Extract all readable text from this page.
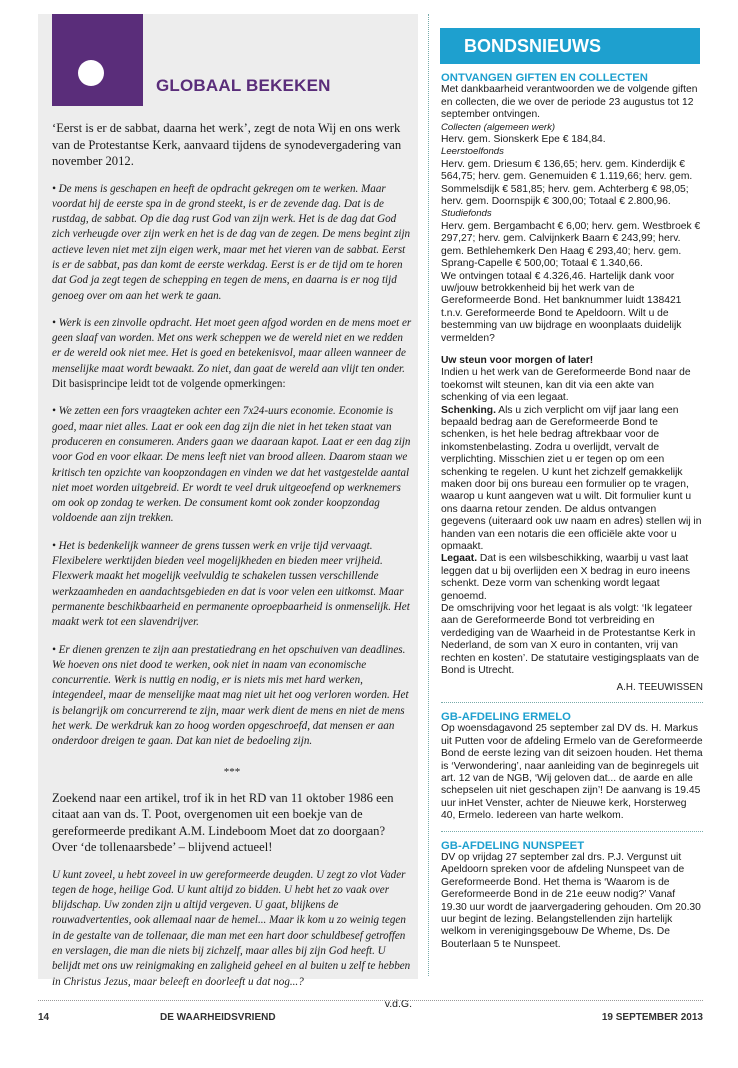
GLOBAAL BEKEKEN

‘Eerst is er de sabbat, daarna het werk’, zegt de nota Wij en ons werk van de Protestantse Kerk, aanvaard tijdens de synodevergadering van november 2012.

• De mens is geschapen en heeft de opdracht gekregen om te werken. Maar voordat hij de eerste spa in de grond steekt, is er de zevende dag. Dat is de rustdag, de sabbat. Op die dag rust God van zijn werk. Het is de dag dat God zich verheugde over zijn werk en het is de dag van de zegen. De mens begint zijn actieve leven niet met zijn eigen werk, maar met het vieren van de sabbat. Eerst is er de sabbat, pas dan komt de eerste werkdag. Eerst is er de tijd om te horen dat God ja zegt tegen de schepping en tegen de mens, en daarna is er nog tijd genoeg over om aan het werk te gaan.

• Werk is een zinvolle opdracht. Het moet geen afgod worden en de mens moet er geen slaaf van worden. Met ons werk scheppen we de wereld niet en we redden er de wereld ook niet mee. Het is goed en betekenisvol, maar alleen wanneer de menselijke maat wordt bewaakt. Zo niet, dan gaat de wereld aan vlijt ten onder.

Dit basisprincipe leidt tot de volgende opmerkingen:

• We zetten een fors vraagteken achter een 7x24-uurs economie. Economie is goed, maar niet alles. Laat er ook een dag zijn die niet in het teken staat van produceren en consumeren. Anders gaan we daaraan kapot. Laat er een dag zijn voor God en voor elkaar. De mens leeft niet van brood alleen. Daarom staan we kritisch ten opzichte van koopzondagen en vinden we dat het vastgestelde aantal niet moet worden uitgebreid. Er wordt te veel druk uitgeoefend op werknemers om ook op zondag te werken. De consument komt ook zonder koopzondag voldoende aan zijn trekken.

• Het is bedenkelijk wanneer de grens tussen werk en vrije tijd vervaagt. Flexibelere werktijden bieden veel mogelijkheden en bieden meer vrijheid. Flexwerk maakt het mogelijk veelvuldig te schakelen tussen verschillende werkzaamheden en aandachtsgebieden en dat is voor velen een uitkomst. Maar permanente beschikbaarheid en permanente oproepbaarheid is onmenselijk. Het maakt werk tot een slavendrijver.

• Er dienen grenzen te zijn aan prestatiedrang en het opschuiven van deadlines. We hoeven ons niet dood te werken, ook niet in naam van economische concurrentie. Werk is nuttig en nodig, er is niets mis met hard werken, integendeel, maar de menselijke maat mag niet uit het oog verloren worden. Het is belangrijk om concurrerend te zijn, maar werk dient de mens en niet de mens het werk. De werkdruk kan zo hoog worden opgeschroefd, dat mensen er aan onderdoor dreigen te gaan. Dat kan niet de bedoeling zijn.

***

Zoekend naar een artikel, trof ik in het RD van 11 oktober 1986 een citaat aan van ds. T. Poot, overgenomen uit een boekje van de gereformeerde predikant A.M. Lindeboom Moet dat zo doorgaan? Over ‘de tollenaarsbede’ – blijvend actueel!

U kunt zoveel, u hebt zoveel in uw gereformeerde deugden. U zegt zo vlot Vader tegen de hoge, heilige God. U kunt altijd zo bidden. U hebt het zo vaak over blijdschap. Uw zonden zijn u altijd vergeven. U gaat, blijkens de rouwadvertenties, ook allemaal naar de hemel... Maar ik kom u zo weinig tegen in de gestalte van de tollenaar, die man met een hart door schuldbesef getroffen en verslagen, die man die niets bij zichzelf, maar alles bij zijn God heeft. U belijdt met ons uw reinigmaking en zaligheid geheel en al buiten u zelf te hebben in Christus Jezus, maar beleeft en doorleeft u dat nog...?

v.d.G.
BONDSNIEUWS

ONTVANGEN GIFTEN EN COLLECTEN

Met dankbaarheid verantwoorden we de volgende giften en collecten, die we over de periode 23 augustus tot 12 september ontvingen.

Collecten (algemeen werk)

Herv. gem. Sionskerk Epe € 184,84.

Leerstoelfonds

Herv. gem. Driesum € 136,65; herv. gem. Kinderdijk € 564,75; herv. gem. Genemuiden € 1.119,66; herv. gem. Sommelsdijk € 581,85; herv. gem. Achterberg € 98,05; herv. gem. Doornspijk € 300,00; Totaal € 2.800,96.

Studiefonds

Herv. gem. Bergambacht € 6,00; herv. gem. Westbroek € 297,27; herv. gem. Calvijnkerk Baarn € 243,99; herv. gem. Bethlehemkerk Den Haag € 293,40; herv. gem. Sprang-Capelle € 500,00; Totaal € 1.340,66.

We ontvingen totaal € 4.326,46. Hartelijk dank voor uw/jouw betrokkenheid bij het werk van de Gereformeerde Bond. Het banknummer luidt 138421 t.n.v. Gereformeerde Bond te Apeldoorn. Wilt u de bestemming van uw bijdrage en woonplaats duidelijk vermelden?

Uw steun voor morgen of later!

Indien u het werk van de Gereformeerde Bond naar de toekomst wilt steunen, kan dit via een akte van schenking of via een legaat.

Schenking. Als u zich verplicht om vijf jaar lang een bepaald bedrag aan de Gereformeerde Bond te schenken, is het hele bedrag aftrekbaar voor de inkomstenbelasting. Zodra u overlijdt, vervalt de verplichting. Misschien ziet u er tegen op om een schenking te regelen. U kunt het zichzelf gemakkelijk maken door bij ons bureau een formulier op te vragen, waarop u kunt aangeven wat u wilt. Dit formulier kunt u ons daarna retour zenden. De aldus ontvangen gegevens (uiteraard ook uw naam en adres) stellen wij in handen van een notaris die een officiële akte voor u opmaakt.

Legaat. Dat is een wilsbeschikking, waarbij u vast laat leggen dat u bij overlijden een X bedrag in euro ineens schenkt. Deze vorm van schenking wordt legaat genoemd.

De omschrijving voor het legaat is als volgt: ‘Ik legateer aan de Gereformeerde Bond tot verbreiding en verdediging van de Waarheid in de Protestantse Kerk in Nederland, de som van X euro in contanten, vrij van rechten en kosten’. De statutaire vestigingsplaats van de Bond is Utrecht.

A.H. TEEUWISSEN

GB-AFDELING ERMELO

Op woensdagavond 25 september zal DV ds. H. Markus uit Putten voor de afdeling Ermelo van de Gereformeerde Bond de eerste lezing van dit seizoen houden. Het thema is ‘Verwondering’, naar aanleiding van de beginregels uit art. 12 van de NGB, ‘Wij geloven dat... de aarde en alle schepselen uit niet geschapen zijn’! De aanvang is 19.45 uur inHet Venster, achter de Nieuwe kerk, Horsterweg 40, Ermelo. Iedereen van harte welkom.

GB-AFDELING NUNSPEET

DV op vrijdag 27 september zal drs. P.J. Vergunst uit Apeldoorn spreken voor de afdeling Nunspeet van de Gereformeerde Bond. Het thema is ‘Waarom is de Gereformeerde Bond in de 21e eeuw nodig?’ Vanaf 19.30 uur wordt de jaarvergadering gehouden. Om 20.30 uur begint de lezing. Belangstellenden zijn hartelijk welkom in verenigingsgebouw De Wheme, Ds. De Bouterlaan 5 te Nunspeet.

14	DE WAARHEIDSVRIEND	19 SEPTEMBER 2013
